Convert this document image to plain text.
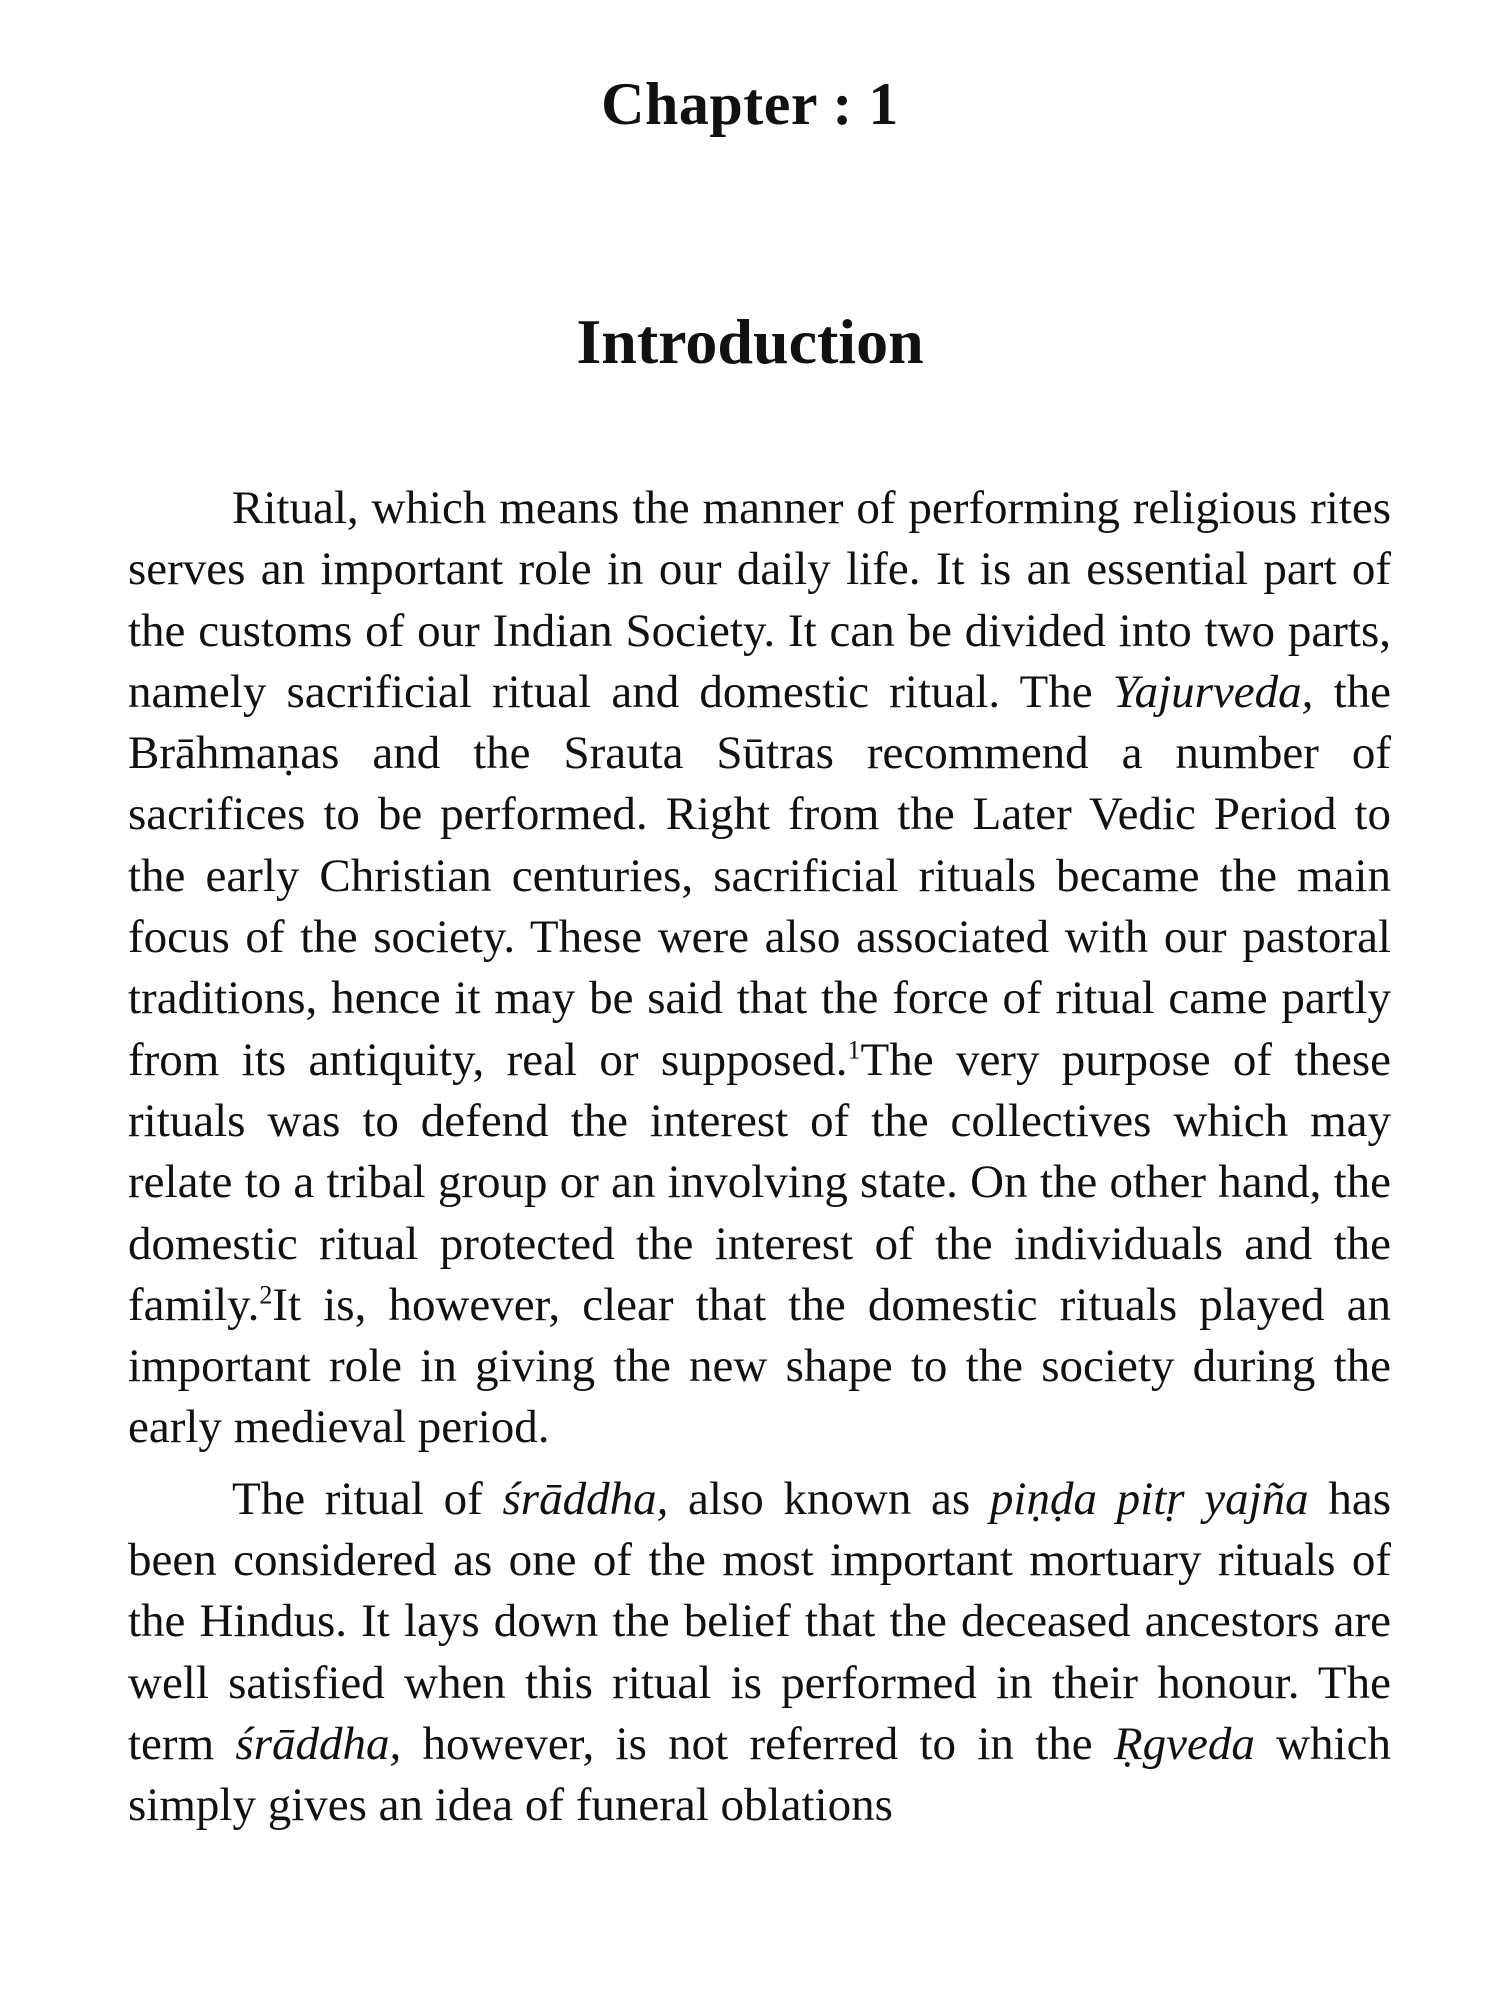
Chapter : 1
Introduction

Ritual, which means the manner of performing religious rites serves an important role in our daily life. It is an essential part of the customs of our Indian Society. It can be divided into two parts, namely sacrificial ritual and domestic ritual. The Yajurveda, the Brāhmaṇas and the Srauta Sūtras recommend a number of sacrifices to be performed. Right from the Later Vedic Period to the early Christian centuries, sacrificial rituals became the main focus of the society. These were also associated with our pastoral traditions, hence it may be said that the force of ritual came partly from its antiquity, real or supposed.$^1$The very purpose of these rituals was to defend the interest of the collectives which may relate to a tribal group or an involving state. On the other hand, the domestic ritual protected the interest of the individuals and the family.$^2$It is, however, clear that the domestic rituals played an important role in giving the new shape to the society during the early medieval period.

The ritual of śrāddha, also known as piṇḍa pitṛ yajña has been considered as one of the most important mortuary rituals of the Hindus. It lays down the belief that the deceased ancestors are well satisfied when this ritual is performed in their honour. The term śrāddha, however, is not referred to in the Ṛgveda which simply gives an idea of funeral oblations
